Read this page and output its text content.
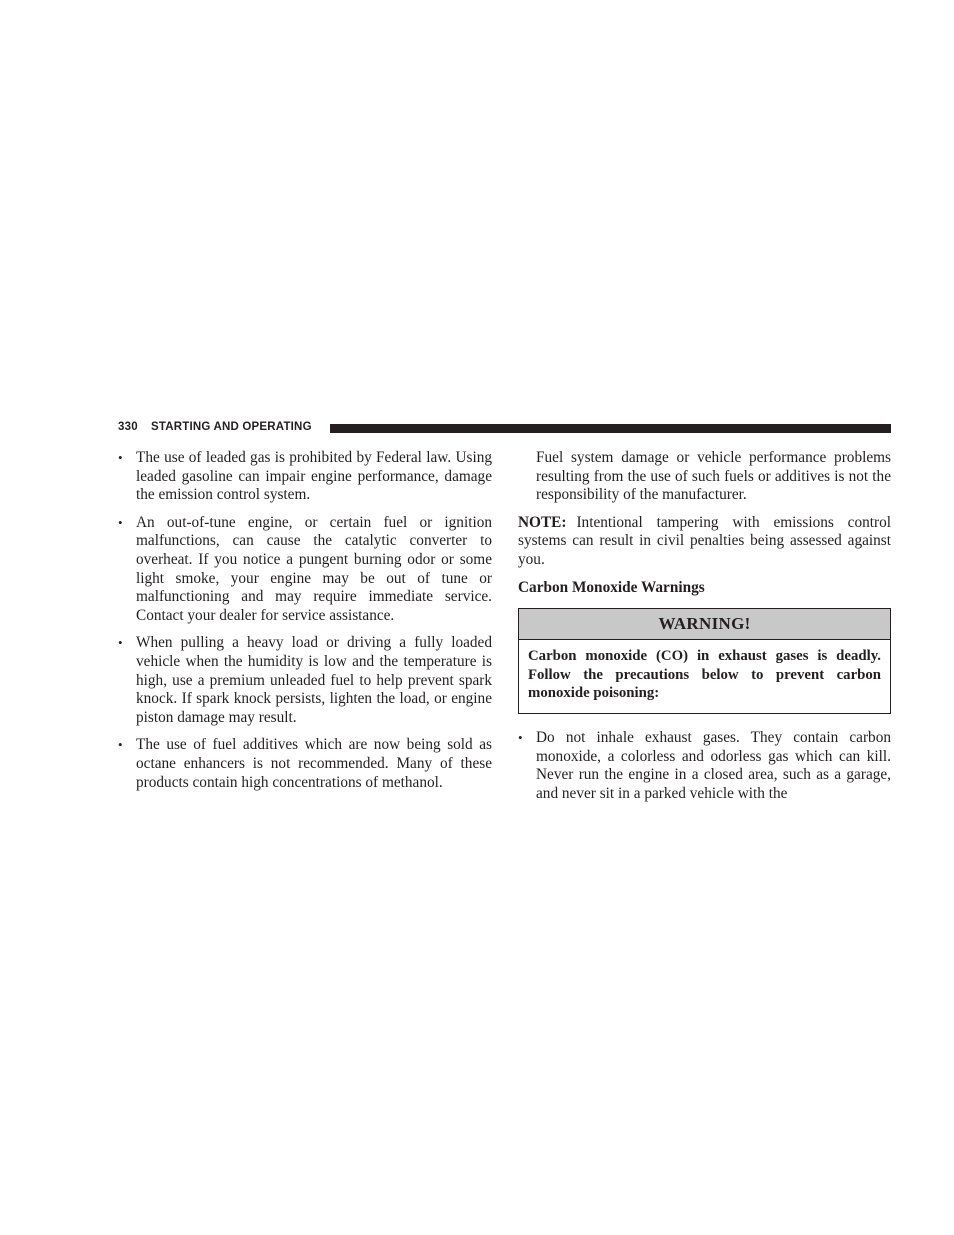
330 STARTING AND OPERATING
• The use of leaded gas is prohibited by Federal law. Using leaded gasoline can impair engine performance, damage the emission control system.
• An out-of-tune engine, or certain fuel or ignition malfunctions, can cause the catalytic converter to overheat. If you notice a pungent burning odor or some light smoke, your engine may be out of tune or malfunctioning and may require immediate service. Contact your dealer for service assistance.
• When pulling a heavy load or driving a fully loaded vehicle when the humidity is low and the temperature is high, use a premium unleaded fuel to help prevent spark knock. If spark knock persists, lighten the load, or engine piston damage may result.
• The use of fuel additives which are now being sold as octane enhancers is not recommended. Many of these products contain high concentrations of methanol.

Fuel system damage or vehicle performance problems resulting from the use of such fuels or additives is not the responsibility of the manufacturer.

NOTE: Intentional tampering with emissions control systems can result in civil penalties being assessed against you.

Carbon Monoxide Warnings

WARNING!
Carbon monoxide (CO) in exhaust gases is deadly. Follow the precautions below to prevent carbon monoxide poisoning:
• Do not inhale exhaust gases. They contain carbon monoxide, a colorless and odorless gas which can kill. Never run the engine in a closed area, such as a garage, and never sit in a parked vehicle with the
